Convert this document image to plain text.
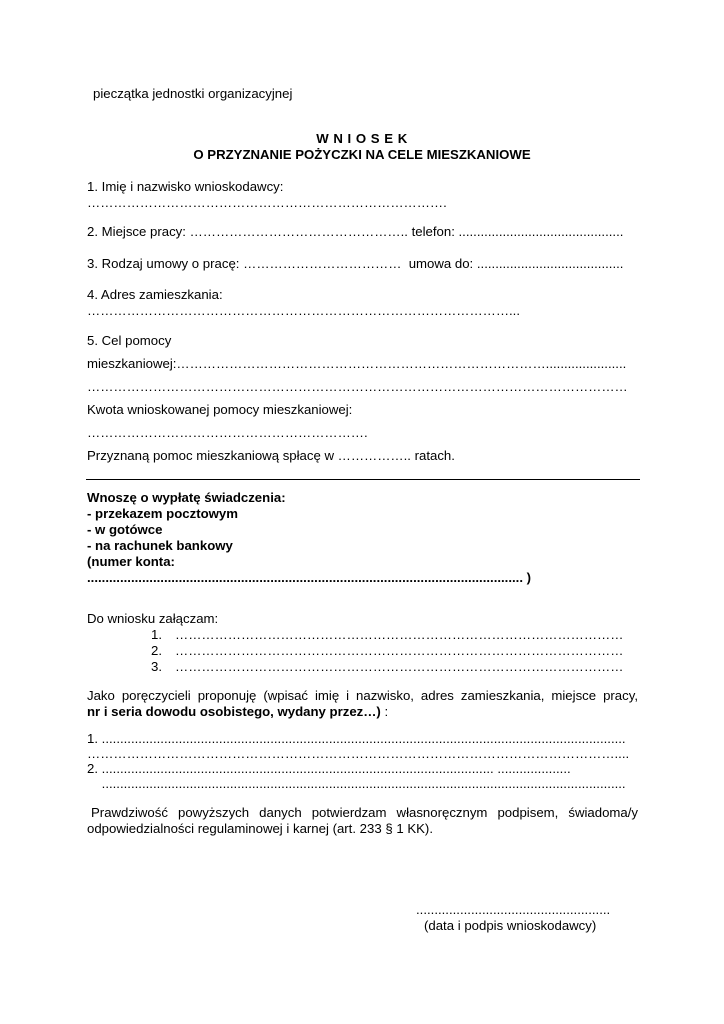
pieczątka jednostki organizacyjnej
W N I O S E K
O PRZYZNANIE POŻYCZKI NA CELE MIESZKANIOWE
1. Imię i nazwisko wnioskodawcy:
……………………………………………………………………….
2. Miejsce pracy: ………………………………………….. telefon: .............................................
3. Rodzaj umowy o pracę: ………………………………  umowa do: ........................................
4. Adres zamieszkania:
……………………………………………………………………………………...
5. Cel pomocy
mieszkaniowej:…………………………………………………………………………......................
……………………………………………………………………………………………………………
Kwota wnioskowanej pomocy mieszkaniowej:
……………………………………………………….
Przyznaną pomoc mieszkaniową spłacę w …………….. ratach.
Wnoszę o wypłatę świadczenia:
- przekazem pocztowym
- w gotówce
- na rachunek bankowy
(numer konta:
....................................................................................................................... )
Do wniosku załączam:
1. …………………………………………………………………………………………
2. …………………………………………………………………………………………
3. …………………………………………………………………………………………
Jako poręczycieli proponuję (wpisać imię i nazwisko, adres zamieszkania, miejsce pracy,
nr i seria dowodu osobistego, wydany przez…) :
1. ...............................................................................................................................................
…………………………………………………………………………………………………………....
2. ........................................................................................................... ....................
...............................................................................................................................................
Prawdziwość powyższych danych potwierdzam własnoręcznym podpisem, świadoma/y odpowiedzialności regulaminowej i karnej (art. 233 § 1 KK).
.....................................................
(data i podpis wnioskodawcy)
